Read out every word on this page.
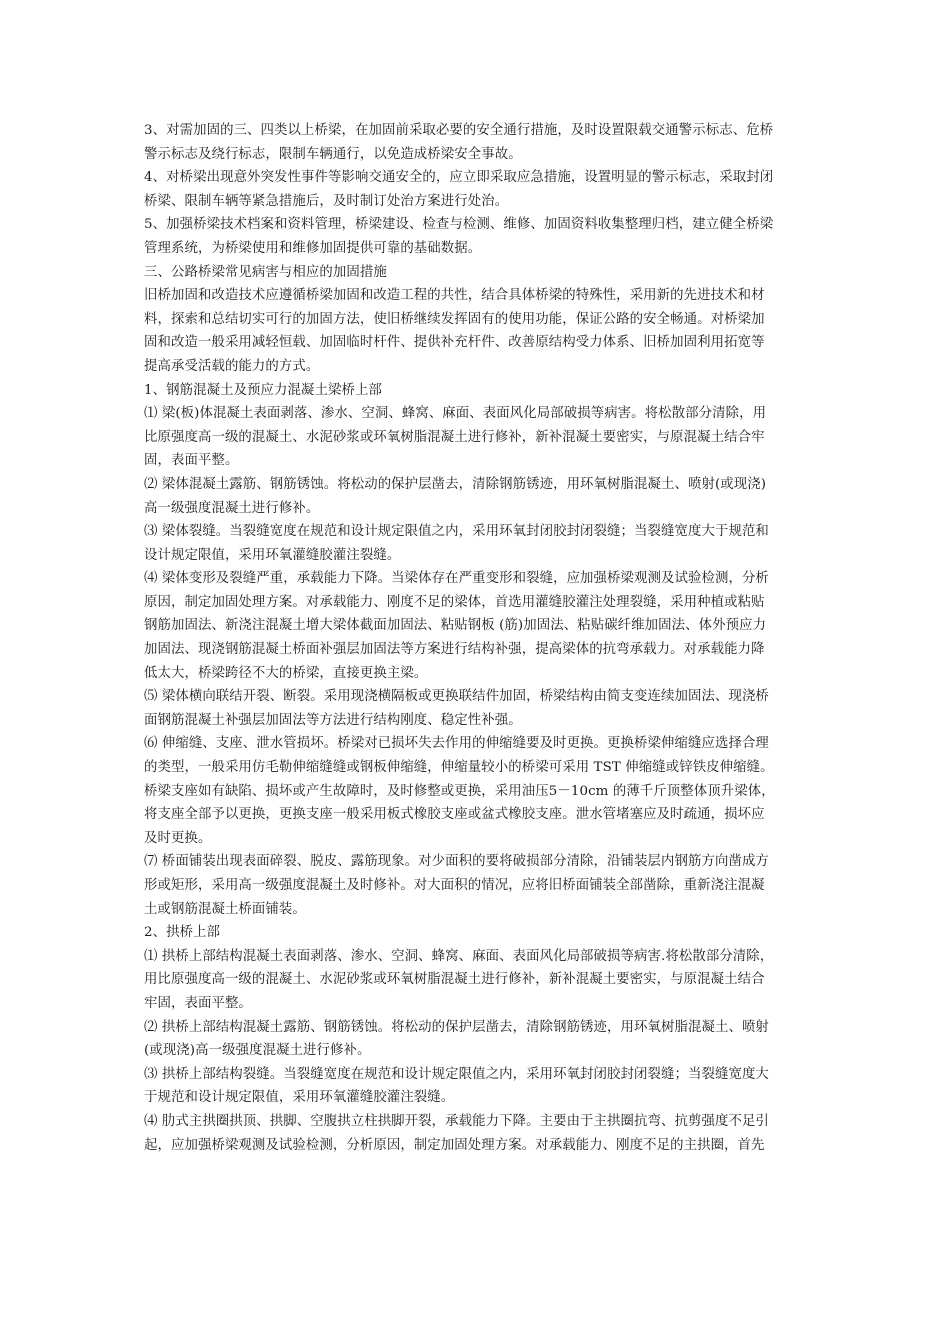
3、对需加固的三、四类以上桥梁，在加固前采取必要的安全通行措施，及时设置限载交通警示标志、危桥
警示标志及绕行标志，限制车辆通行，以免造成桥梁安全事故。
4、对桥梁出现意外突发性事件等影响交通安全的，应立即采取应急措施，设置明显的警示标志，采取封闭
桥梁、限制车辆等紧急措施后，及时制订处治方案进行处治。
5、加强桥梁技术档案和资料管理，桥梁建设、检查与检测、维修、加固资料收集整理归档，建立健全桥梁
管理系统，为桥梁使用和维修加固提供可靠的基础数据。
三、公路桥梁常见病害与相应的加固措施
旧桥加固和改造技术应遵循桥梁加固和改造工程的共性，结合具体桥梁的特殊性，采用新的先进技术和材
料，探索和总结切实可行的加固方法，使旧桥继续发挥固有的使用功能，保证公路的安全畅通。对桥梁加
固和改造一般采用减轻恒载、加固临时杆件、提供补充杆件、改善原结构受力体系、旧桥加固利用拓宽等
提高承受活载的能力的方式。
1、钢筋混凝土及预应力混凝土梁桥上部
⑴ 梁(板)体混凝土表面剥落、渗水、空洞、蜂窝、麻面、表面风化局部破损等病害。将松散部分清除，用
比原强度高一级的混凝土、水泥砂浆或环氧树脂混凝土进行修补，新补混凝土要密实，与原混凝土结合牢
固，表面平整。
⑵ 梁体混凝土露筋、钢筋锈蚀。将松动的保护层凿去，清除钢筋锈迹，用环氧树脂混凝土、喷射(或现浇)
高一级强度混凝土进行修补。
⑶ 梁体裂缝。当裂缝宽度在规范和设计规定限值之内，采用环氧封闭胶封闭裂缝；当裂缝宽度大于规范和
设计规定限值，采用环氧灌缝胶灌注裂缝。
⑷ 梁体变形及裂缝严重，承载能力下降。当梁体存在严重变形和裂缝，应加强桥梁观测及试验检测，分析
原因，制定加固处理方案。对承载能力、刚度不足的梁体，首选用灌缝胶灌注处理裂缝，采用种植或粘贴
钢筋加固法、新浇注混凝土增大梁体截面加固法、粘贴钢板 (筋)加固法、粘贴碳纤维加固法、体外预应力
加固法、现浇钢筋混凝土桥面补强层加固法等方案进行结构补强，提高梁体的抗弯承载力。对承载能力降
低太大，桥梁跨径不大的桥梁，直接更换主梁。
⑸ 梁体横向联结开裂、断裂。采用现浇横隔板或更换联结件加固，桥梁结构由简支变连续加固法、现浇桥
面钢筋混凝土补强层加固法等方法进行结构刚度、稳定性补强。
⑹ 伸缩缝、支座、泄水管损坏。桥梁对已损坏失去作用的伸缩缝要及时更换。更换桥梁伸缩缝应选择合理
的类型，一般采用仿毛勒伸缩缝缝或钢板伸缩缝，伸缩量较小的桥梁可采用 TST 伸缩缝或锌铁皮伸缩缝。
桥梁支座如有缺陷、损坏或产生故障时，及时修整或更换，采用油压5－10cm 的薄千斤顶整体顶升梁体，
将支座全部予以更换，更换支座一般采用板式橡胶支座或盆式橡胶支座。泄水管堵塞应及时疏通，损坏应
及时更换。
⑺ 桥面铺装出现表面碎裂、脱皮、露筋现象。对少面积的要将破损部分清除，沿铺装层内钢筋方向凿成方
形或矩形，采用高一级强度混凝土及时修补。对大面积的情况，应将旧桥面铺装全部凿除，重新浇注混凝
土或钢筋混凝土桥面铺装。
2、拱桥上部
⑴ 拱桥上部结构混凝土表面剥落、渗水、空洞、蜂窝、麻面、表面风化局部破损等病害.将松散部分清除，
用比原强度高一级的混凝土、水泥砂浆或环氧树脂混凝土进行修补，新补混凝土要密实，与原混凝土结合
牢固，表面平整。
⑵ 拱桥上部结构混凝土露筋、钢筋锈蚀。将松动的保护层凿去，清除钢筋锈迹，用环氧树脂混凝土、喷射
(或现浇)高一级强度混凝土进行修补。
⑶ 拱桥上部结构裂缝。当裂缝宽度在规范和设计规定限值之内，采用环氧封闭胶封闭裂缝；当裂缝宽度大
于规范和设计规定限值，采用环氧灌缝胶灌注裂缝。
⑷ 肋式主拱圈拱顶、拱脚、空腹拱立柱拱脚开裂，承载能力下降。主要由于主拱圈抗弯、抗剪强度不足引
起，应加强桥梁观测及试验检测，分析原因，制定加固处理方案。对承载能力、刚度不足的主拱圈，首先
